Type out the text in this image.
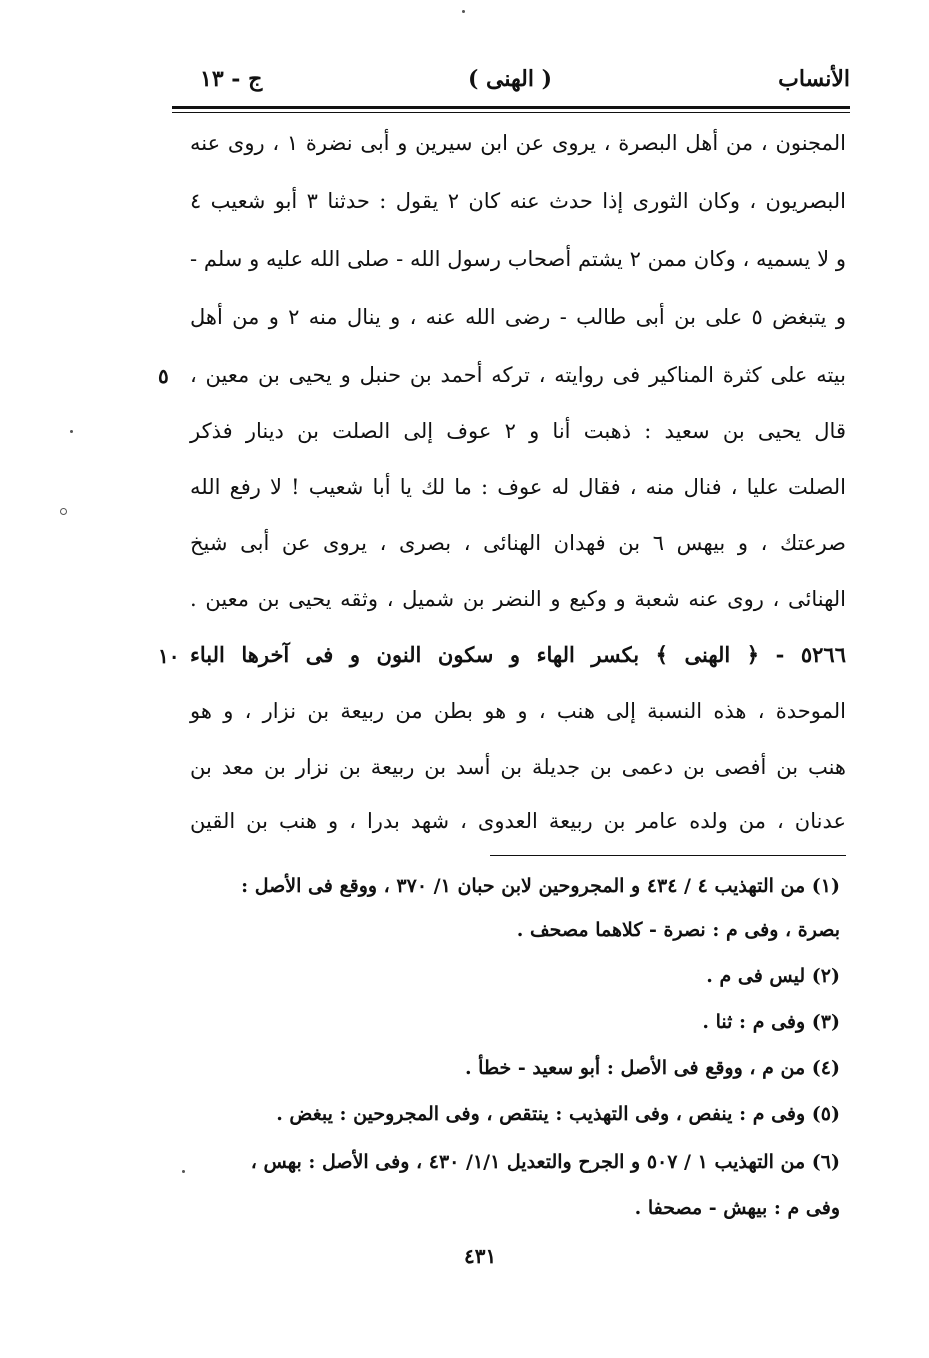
الأنساب
( الهنى )
ج - ١٣
المجنون ، من أهل البصرة ، يروى عن ابن سيرين و أبى نضرة ١ ، روى عنه
البصريون ، وكان الثورى إذا حدث عنه كان ٢ يقول : حدثنا ٣ أبو شعيب ٤
و لا يسميه ، وكان ممن ٢ يشتم أصحاب رسول الله - صلى الله عليه و سلم -
و يتبغض ٥ على بن أبى طالب - رضى الله عنه ، و ينال منه ٢ و من أهل
بيته على كثرة المناكير فى روايته ، تركه أحمد بن حنبل و يحيى بن معين ،
قال يحيى بن سعيد : ذهبت أنا و ٢ عوف إلى الصلت بن دينار فذكر
الصلت عليا ، فنال منه ، فقال له عوف : ما لك يا أبا شعيب ! لا رفع الله
صرعتك ، و بيهس ٦ بن فهدان الهنائى ، بصرى ، يروى عن أبى شيخ
الهنائى ، روى عنه شعبة و وكيع و النضر بن شميل ، وثقه يحيى بن معين .
٥٢٦٦ - ﴿ الهنى ﴾ بكسر الهاء و سكون النون و فى آخرها الباء
الموحدة ، هذه النسبة إلى هنب ، و هو بطن من ربيعة بن نزار ، و هو
هنب بن أفصى بن دعمى بن جديلة بن أسد بن ربيعة بن نزار بن معد بن
عدنان ، من ولده عامر بن ربيعة العدوى ، شهد بدرا ، و هنب بن القين
٥
١٠
(١) من التهذيب ٤ / ٤٣٤ و المجروحين لابن حبان ١/ ٣٧٠ ، ووقع فى الأصل :
بصرة ، وفى م : نصرة - كلاهما مصحف .
(٢) ليس فى م .
(٣) وفى م : ثنا .
(٤) من م ، ووقع فى الأصل : أبو سعيد - خطأ .
(٥) وفى م : ينفص ، وفى التهذيب : ينتقص ، وفى المجروحين : يبغض .
(٦) من التهذيب ١ / ٥٠٧ و الجرح والتعديل ١/١/ ٤٣٠ ، وفى الأصل : بهس ،
وفى م : بيهش - مصحفا .
٤٣١
